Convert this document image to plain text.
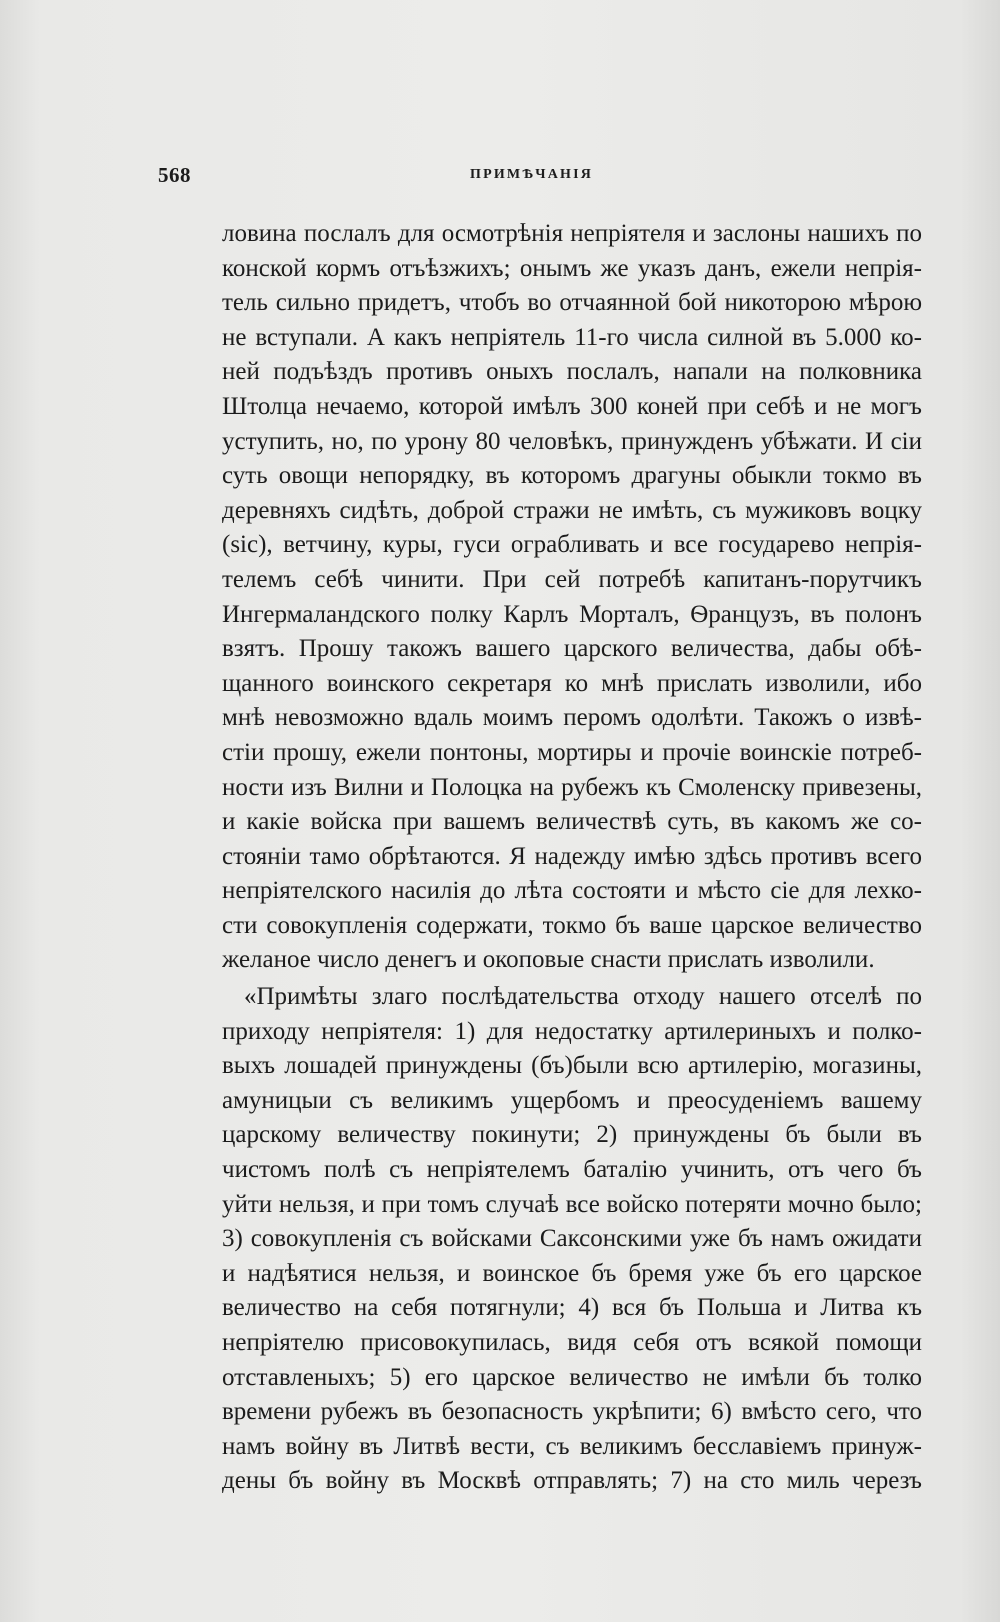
568	ПРИМѢЧАНІЯ
ловина послалъ для осмотрѣнія непріятеля и заслоны нашихъ по
конской кормъ отъѣзжихъ; онымъ же указъ данъ, ежели непрія-
тель сильно придетъ, чтобъ во отчаянной бой никоторою мѣрою
не вступали. А какъ непріятель 11-го числа силной въ 5.000 ко-
ней подъѣздъ противъ оныхъ послалъ, напали на полковника
Штолца нечаемо, которой имѣлъ 300 коней при себѣ и не могъ
уступить, но, по урону 80 человѣкъ, принужденъ убѣжати. И сіи
суть овощи непорядку, въ которомъ драгуны обыкли токмо въ
деревняхъ сидѣть, доброй стражи не имѣть, съ мужиковъ воцку
(sic), ветчину, куры, гуси ограбливать и все государево непрія-
телемъ себѣ чинити. При сей потребѣ капитанъ-порутчикъ
Ингермаландского полку Карлъ Морталъ, Ѳранцузъ, въ полонъ
взятъ. Прошу такожъ вашего царского величества, дабы обѣ-
щанного воинского секретаря ко мнѣ прислать изволили, ибо
мнѣ невозможно вдаль моимъ перомъ одолѣти. Такожъ о извѣ-
стіи прошу, ежели понтоны, мортиры и прочіе воинскіе потреб-
ности изъ Вилни и Полоцка на рубежъ къ Смоленску привезены,
и какіе войска при вашемъ величествѣ суть, въ какомъ же со-
стояніи тамо обрѣтаются. Я надежду имѣю здѣсь противъ всего
непріятелского насилія до лѣта состояти и мѣсто сіе для лехко-
сти совокупленія содержати, токмо бъ ваше царское величество
желаное число денегъ и окоповые снасти прислать изволили.
«Примѣты злаго послѣдательства отходу нашего отселѣ по
приходу непріятеля: 1) для недостатку артилериныхъ и полко-
выхъ лошадей принуждены (бъ)были всю артилерію, могазины,
амуницыи съ великимъ ущербомъ и преосуденіемъ вашему
царскому величеству покинути; 2) принуждены бъ были въ
чистомъ полѣ съ непріятелемъ баталію учинить, отъ чего бъ
уйти нельзя, и при томъ случаѣ все войско потеряти мочно было;
3) совокупленія съ войсками Саксонскими уже бъ намъ ожидати
и надѣятися нельзя, и воинское бъ бремя уже бъ его царское
величество на себя потягнули; 4) вся бъ Польша и Литва къ
непріятелю присовокупилась, видя себя отъ всякой помощи
отставленыхъ; 5) его царское величество не имѣли бъ толко
времени рубежъ въ безопасность укрѣпити; 6) вмѣсто сего, что
намъ войну въ Литвѣ вести, съ великимъ бесславіемъ принуж-
дены бъ войну въ Москвѣ отправлять; 7) на сто миль черезъ
